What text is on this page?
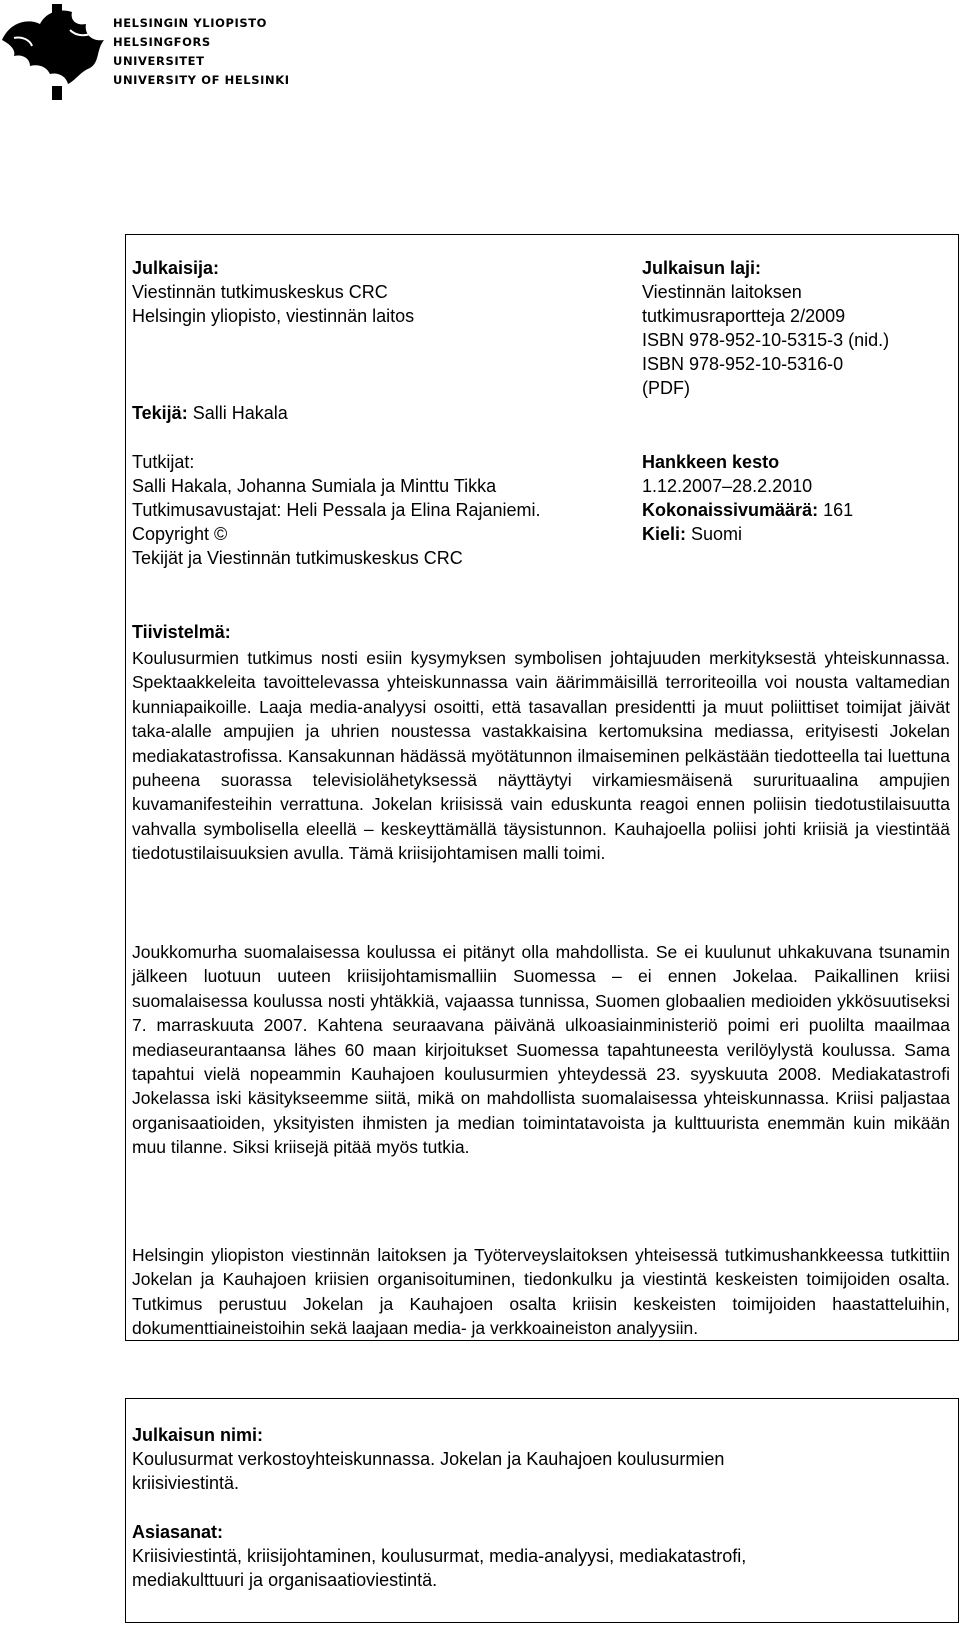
HELSINGIN YLIOPISTO
HELSINGFORS UNIVERSITET
UNIVERSITY OF HELSINKI
Julkaisija:
Viestinnän tutkimuskeskus CRC
Helsingin yliopisto, viestinnän laitos
Tekijä: Salli Hakala
Tutkijat:
Salli Hakala, Johanna Sumiala ja Minttu Tikka
Tutkimusavustajat: Heli Pessala ja Elina Rajaniemi.
Copyright ©
Tekijät ja Viestinnän tutkimuskeskus CRC
Julkaisun laji:
Viestinnän laitoksen
tutkimusraportteja 2/2009
ISBN 978-952-10-5315-3 (nid.)
ISBN 978-952-10-5316-0
(PDF)
Hankkeen kesto
1.12.2007–28.2.2010
Kokonaissivumäärä: 161
Kieli: Suomi
Tiivistelmä:
Koulusurmien tutkimus nosti esiin kysymyksen symbolisen johtajuuden merkityksestä yhteiskunnassa. Spektaakkeleita tavoittelevassa yhteiskunnassa vain äärimmäisillä terroriteoilla voi nousta valtamedian kunniapaikoille. Laaja media-analyysi osoitti, että tasavallan presidentti ja muut poliittiset toimijat jäivät taka-alalle ampujien ja uhrien noustessa vastakkaisina kertomuksina mediassa, erityisesti Jokelan mediakatastrofissa. Kansakunnan hädässä myötätunnon ilmaiseminen pelkästään tiedotteella tai luettuna puheena suorassa televisiolähetyksessä näyttäytyi virkamiesmäisenä sururituaalina ampujien kuvamanifesteihin verrattuna. Jokelan kriisissä vain eduskunta reagoi ennen poliisin tiedotustilaisuutta vahvalla symbolisella eleellä – keskeyttämällä täysistunnon. Kauhajoella poliisi johti kriisiä ja viestintää tiedotustilaisuuksien avulla. Tämä kriisijohtamisen malli toimi.
Joukkomurha suomalaisessa koulussa ei pitänyt olla mahdollista. Se ei kuulunut uhkakuvana tsunamin jälkeen luotuun uuteen kriisijohtamismalliin Suomessa – ei ennen Jokelaa. Paikallinen kriisi suomalaisessa koulussa nosti yhtäkkiä, vajaassa tunnissa, Suomen globaalien medioiden ykkösuutiseksi 7. marraskuuta 2007. Kahtena seuraavana päivänä ulkoasiainministeriö poimi eri puolilta maailmaa mediaseurantaansa lähes 60 maan kirjoitukset Suomessa tapahtuneesta verilöylystä koulussa. Sama tapahtui vielä nopeammin Kauhajoen koulusurmien yhteydessä 23. syyskuuta 2008. Mediakatastrofi Jokelassa iski käsitykseemme siitä, mikä on mahdollista suomalaisessa yhteiskunnassa. Kriisi paljastaa organisaatioiden, yksityisten ihmisten ja median toimintatavoista ja kulttuurista enemmän kuin mikään muu tilanne. Siksi kriisejä pitää myös tutkia.
Helsingin yliopiston viestinnän laitoksen ja Työterveyslaitoksen yhteisessä tutkimushankkeessa tutkittiin Jokelan ja Kauhajoen kriisien organisoituminen, tiedonkulku ja viestintä keskeisten toimijoiden osalta. Tutkimus perustuu Jokelan ja Kauhajoen osalta kriisin keskeisten toimijoiden haastatteluihin, dokumenttiaineistoihin sekä laajaan media- ja verkkoaineiston analyysiin.
Julkaisun nimi:
Koulusurmat verkostoyhteiskunnassa. Jokelan ja Kauhajoen koulusurmien
kriisiviestintä.
Asiasanat:
Kriisiviestintä, kriisijohtaminen, koulusurmat, media-analyysi, mediakatastrofi,
mediakulttuuri ja organisaatioviestintä.
